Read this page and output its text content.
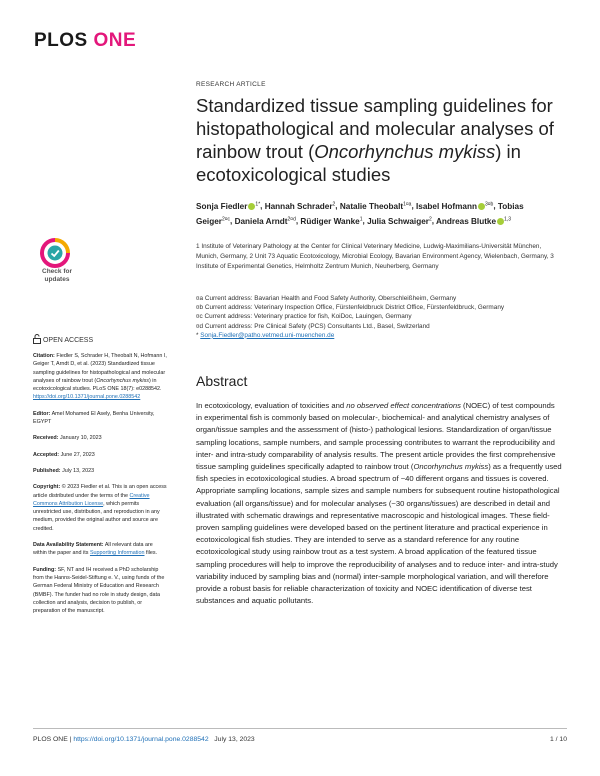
PLOS ONE
RESEARCH ARTICLE
Standardized tissue sampling guidelines for histopathological and molecular analyses of rainbow trout (Oncorhynchus mykiss) in ecotoxicological studies
Sonja Fiedler $^{1*}$, Hannah Schrader$^2$, Natalie Theobalt$^{1¤a}$, Isabel Hofmann $^{3¤b}$, Tobias Geiger$^{2¤c}$, Daniela Arndt$^{2¤d}$, Rüdiger Wanke$^1$, Julia Schwaiger$^2$, Andreas Blutke $^{1,3}$
1 Institute of Veterinary Pathology at the Center for Clinical Veterinary Medicine, Ludwig-Maximilians-Universität München, Munich, Germany, 2 Unit 73 Aquatic Ecotoxicology, Microbial Ecology, Bavarian Environment Agency, Wielenbach, Germany, 3 Institute of Experimental Genetics, Helmholtz Zentrum Munich, Neuherberg, Germany
¤a Current address: Bavarian Health and Food Safety Authority, Oberschleißheim, Germany
¤b Current address: Veterinary Inspection Office, Fürstenfeldbruck District Office, Fürstenfeldbruck, Germany
¤c Current address: Veterinary practice for fish, KoiDoc, Lauingen, Germany
¤d Current address: Pre Clinical Safety (PCS) Consultants Ltd., Basel, Switzerland
* Sonja.Fiedler@patho.vetmed.uni-muenchen.de
Abstract

In ecotoxicology, evaluation of toxicities and no observed effect concentrations (NOEC) of test compounds in experimental fish is commonly based on molecular-, biochemical- and analytical chemistry analyses of organ/tissue samples and the assessment of (histo-) pathological lesions. Standardization of organ/tissue sampling locations, sample numbers, and sample processing contributes to warrant the reproducibility and inter- and intra-study comparability of analysis results. The present article provides the first comprehensive tissue sampling guidelines specifically adapted to rainbow trout (Oncorhynchus mykiss) as a frequently used fish species in ecotoxicological studies. A broad spectrum of ~40 different organs and tissues is covered. Appropriate sampling locations, sample sizes and sample numbers for subsequent routine histopathological evaluation (all organs/tissue) and for molecular analyses (~30 organs/tissues) are described in detail and illustrated with schematic drawings and representative macroscopic and histological images. These field-proven sampling guidelines were developed based on the pertinent literature and practical experience in ecotoxicological fish studies. They are intended to serve as a standard reference for any routine ecotoxicological study using rainbow trout as a test system. A broad application of the featured tissue sampling procedures will help to improve the reproducibility of analyses and to reduce inter- and intra-study variability induced by sampling bias and (normal) inter-sample morphological variation, and will therefore provide a robust basis for reliable characterization of toxicity and NOEC identification of diverse test substances and aquatic pollutants.

Check for updates
OPEN ACCESS

Citation: Fiedler S, Schrader H, Theobalt N, Hofmann I, Geiger T, Arndt D, et al. (2023) Standardized tissue sampling guidelines for histopathological and molecular analyses of rainbow trout (Oncorhynchus mykiss) in ecotoxicological studies. PLoS ONE 18(7): e0288542. https://doi.org/10.1371/journal.pone.0288542

Editor: Amel Mohamed El Asely, Benha University, EGYPT

Received: January 10, 2023

Accepted: June 27, 2023

Published: July 13, 2023

Copyright: © 2023 Fiedler et al. This is an open access article distributed under the terms of the Creative Commons Attribution License, which permits unrestricted use, distribution, and reproduction in any medium, provided the original author and source are credited.

Data Availability Statement: All relevant data are within the paper and its Supporting Information files.

Funding: SF, NT and IH received a PhD scholarship from the Hanns-Seidel-Stiftung e. V., using funds of the German Federal Ministry of Education and Research (BMBF). The funder had no role in study design, data collection and analysis, decision to publish, or preparation of the manuscript.

PLOS ONE | https://doi.org/10.1371/journal.pone.0288542 July 13, 2023	1 / 10
